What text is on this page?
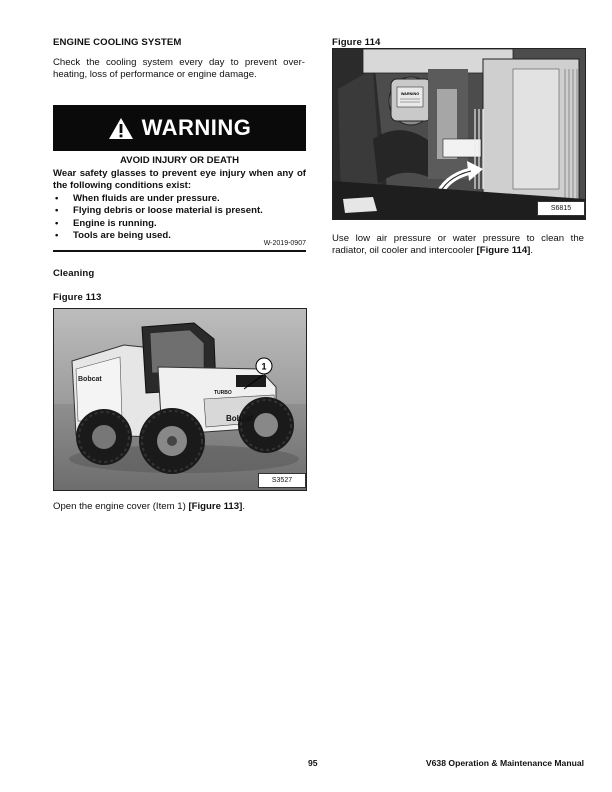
ENGINE COOLING SYSTEM
Check the cooling system every day to prevent over-heating, loss of performance or engine damage.
WARNING
AVOID INJURY OR DEATH
Wear safety glasses to prevent eye injury when any of the following conditions exist:
• When fluids are under pressure.
• Flying debris or loose material is present.
• Engine is running.
• Tools are being used.
W-2019-0907
Cleaning
Figure 113
Bobcat
Bobcat
TURBO
1
S3527
Open the engine cover (Item 1) [Figure 113].
Figure 114
WARNING
S6815
Use low air pressure or water pressure to clean the radiator, oil cooler and intercooler [Figure 114].
95	V638 Operation & Maintenance Manual
